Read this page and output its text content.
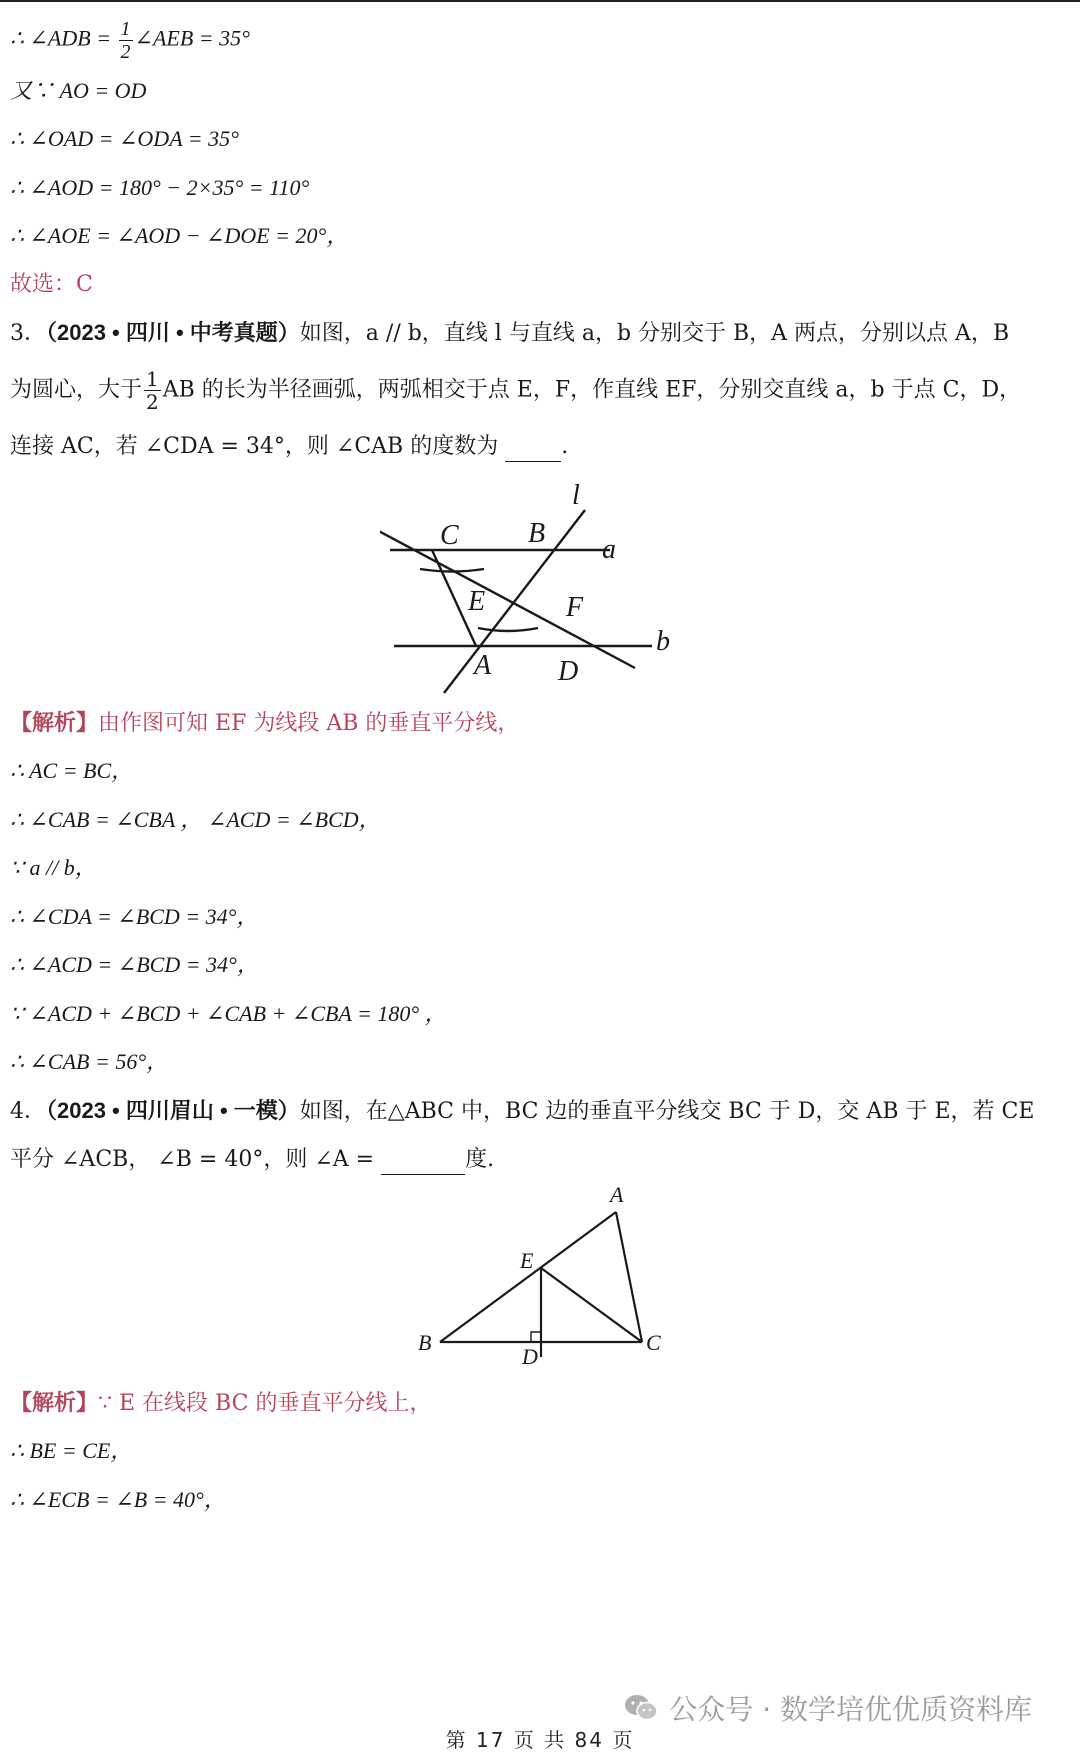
∴ ∠ADB = $\frac{1}{2}$ ∠AEB = 35°
又∵ AO = OD
∴ ∠OAD = ∠ODA = 35°
∴ ∠AOD = 180° − 2×35° = 110°
∴ ∠AOE = ∠AOD − ∠DOE = 20°，
故选：C
3．（2023 • 四川 • 中考真题）如图，a // b，直线 l 与直线 a，b 分别交于 B，A 两点，分别以点 A，B
为圆心，大于 $\frac{1}{2}$ AB 的长为半径画弧，两弧相交于点 E，F，作直线 EF，分别交直线 a，b 于点 C，D，
连接 AC，若 ∠CDA = 34°，则 ∠CAB 的度数为	.
l
a
b
C B
E	F
A D
【解析】由作图可知 EF 为线段 AB 的垂直平分线，
∴ AC = BC，
∴ ∠CAB = ∠CBA ， ∠ACD = ∠BCD，
∵ a // b，
∴ ∠CDA = ∠BCD = 34°，
∴ ∠ACD = ∠BCD = 34°，
∵ ∠ACD + ∠BCD + ∠CAB + ∠CBA = 180° ，
∴ ∠CAB = 56°，
4．（2023 • 四川眉山 • 一模）如图，在△ABC 中，BC 边的垂直平分线交 BC 于 D，交 AB 于 E，若 CE
平分 ∠ACB， ∠B = 40°，则 ∠A =	度.
A
E
B
D
C
【解析】∵ E 在线段 BC 的垂直平分线上，
∴ BE = CE，
∴ ∠ECB = ∠B = 40°，
公众号 · 数学培优优质资料库
第 17 页 共 84 页
